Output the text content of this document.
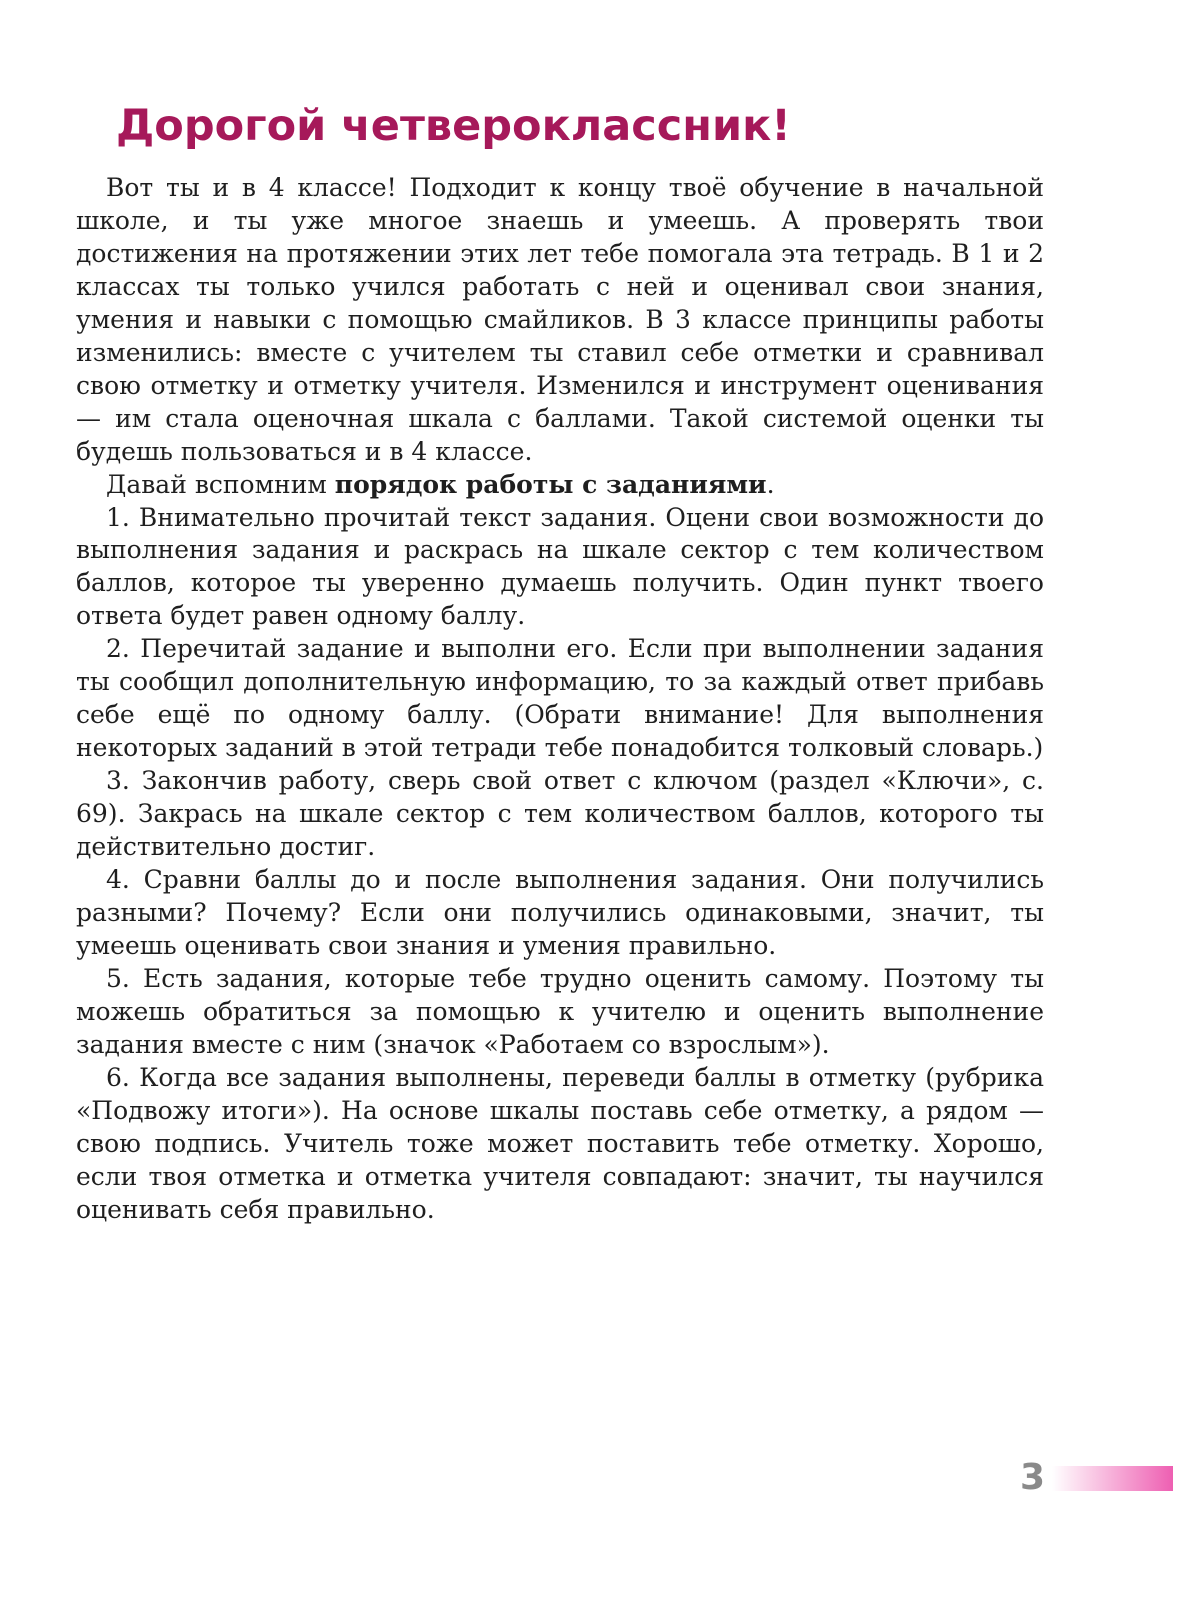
Дорогой четвероклассник!

Вот ты и в 4 классе! Подходит к концу твоё обучение в начальной школе, и ты уже многое знаешь и умеешь. А проверять твои достижения на протяжении этих лет тебе помогала эта тетрадь. В 1 и 2 классах ты только учился работать с ней и оценивал свои знания, умения и навыки с помощью смайликов. В 3 классе принципы работы изменились: вместе с учителем ты ставил себе отметки и сравнивал свою отметку и отметку учителя. Изменился и инструмент оценивания — им стала оценочная шкала с баллами. Такой системой оценки ты будешь пользоваться и в 4 классе.

Давай вспомним порядок работы с заданиями.

1. Внимательно прочитай текст задания. Оцени свои возможности до выполнения задания и раскрась на шкале сектор с тем количеством баллов, которое ты уверенно думаешь получить. Один пункт твоего ответа будет равен одному баллу.

2. Перечитай задание и выполни его. Если при выполнении задания ты сообщил дополнительную информацию, то за каждый ответ прибавь себе ещё по одному баллу. (Обрати внимание! Для выполнения некоторых заданий в этой тетради тебе понадобится толковый словарь.)

3. Закончив работу, сверь свой ответ с ключом (раздел «Ключи», с. 69). Закрась на шкале сектор с тем количеством баллов, которого ты действительно достиг.

4. Сравни баллы до и после выполнения задания. Они получились разными? Почему? Если они получились одинаковыми, значит, ты умеешь оценивать свои знания и умения правильно.

5. Есть задания, которые тебе трудно оценить самому. Поэтому ты можешь обратиться за помощью к учителю и оценить выполнение задания вместе с ним (значок «Работаем со взрослым»).

6. Когда все задания выполнены, переведи баллы в отметку (рубрика «Подвожу итоги»). На основе шкалы поставь себе отметку, а рядом — свою подпись. Учитель тоже может поставить тебе отметку. Хорошо, если твоя отметка и отметка учителя совпадают: значит, ты научился оценивать себя правильно.

3
